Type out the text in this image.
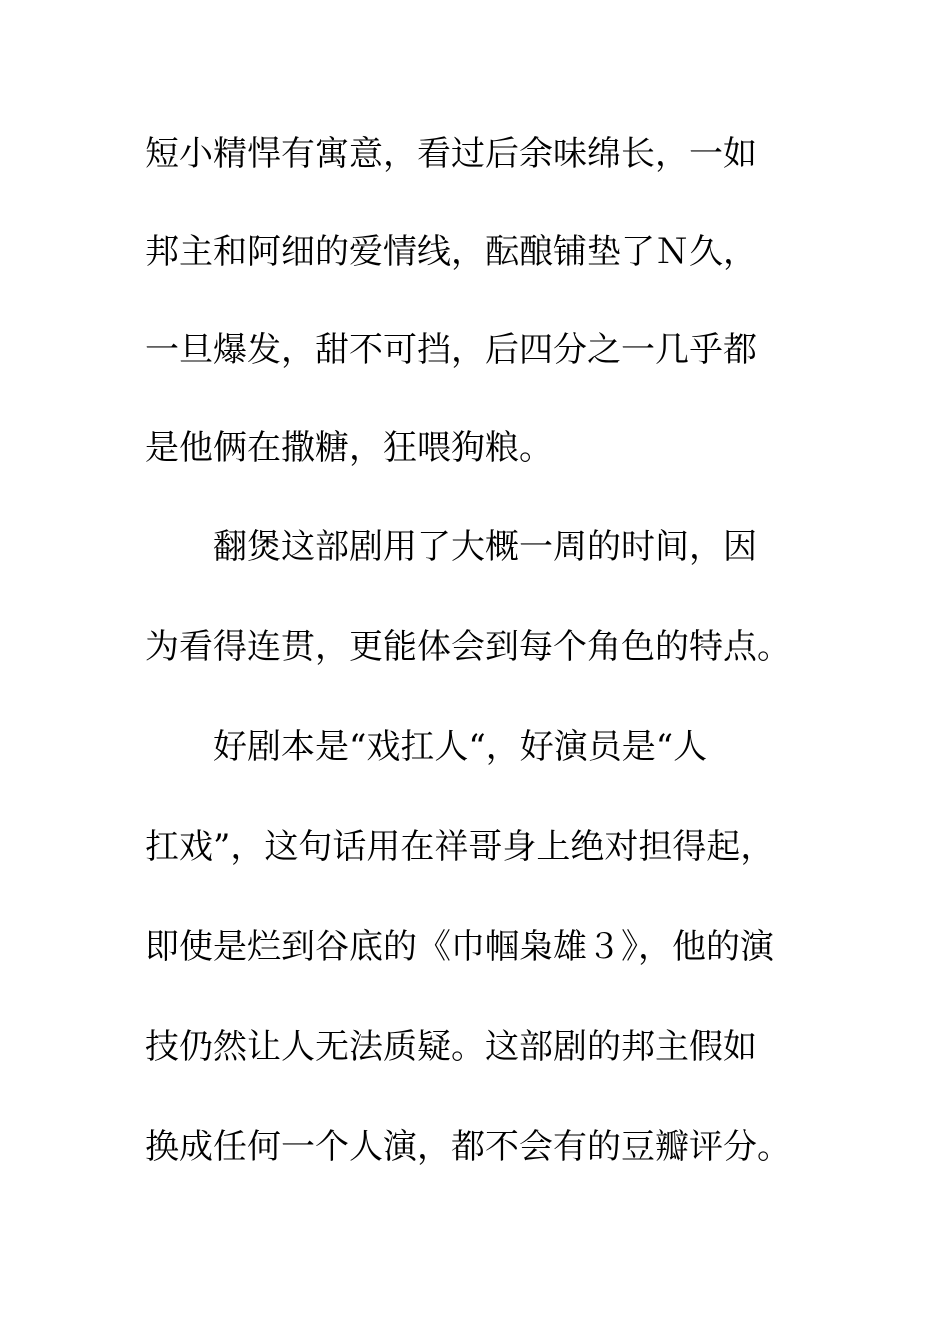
短小精悍有寓意，看过后余味绵长，一如

邦主和阿细的爱情线，酝酿铺垫了Ｎ久，

一旦爆发，甜不可挡，后四分之一几乎都

是他俩在撒糖，狂喂狗粮。

翻煲这部剧用了大概一周的时间，因

为看得连贯，更能体会到每个角色的特点。

好剧本是“戏扛人“，好演员是“人

扛戏”，这句话用在祥哥身上绝对担得起，

即使是烂到谷底的《巾帼枭雄３》，他的演

技仍然让人无法质疑。这部剧的邦主假如

换成任何一个人演，都不会有的豆瓣评分。
